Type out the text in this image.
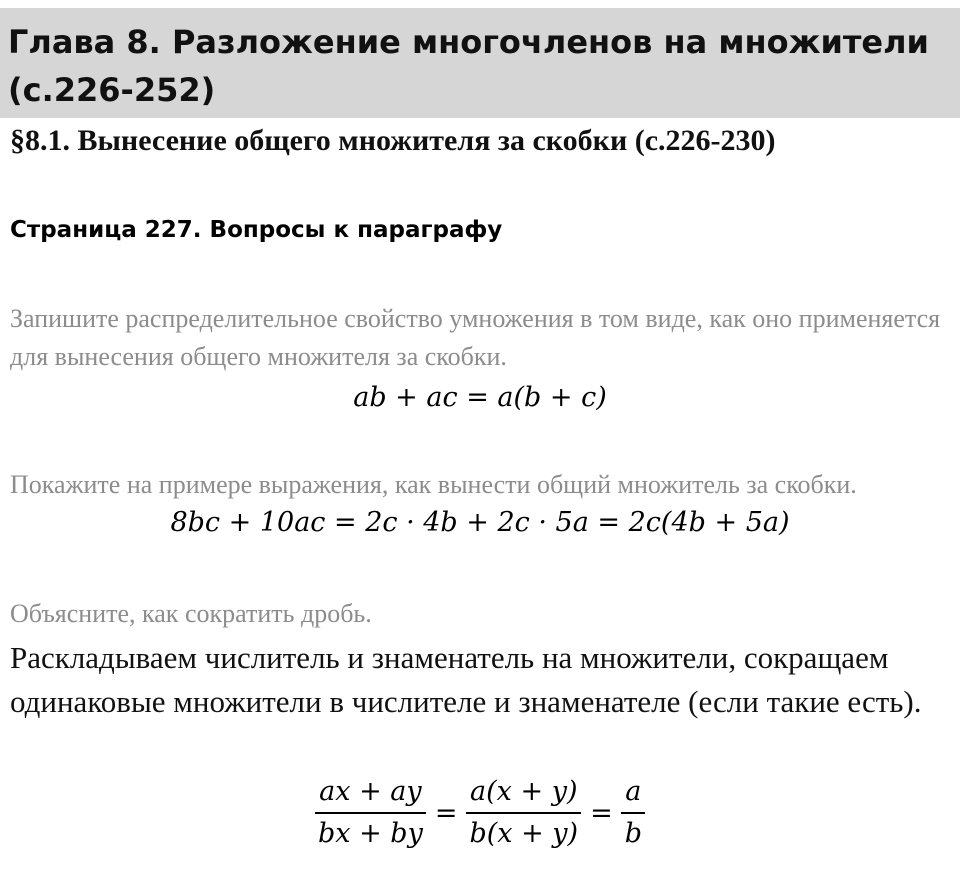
Глава 8. Разложение многочленов на множители (с.226-252)
§8.1. Вынесение общего множителя за скобки (с.226-230)
Страница 227. Вопросы к параграфу
Запишите распределительное свойство умножения в том виде, как оно применяется для вынесения общего множителя за скобки.
ab + ac = a(b + c)
Покажите на примере выражения, как вынести общий множитель за скобки.
8bc + 10ac = 2c · 4b + 2c · 5a = 2c(4b + 5a)
Объясните, как сократить дробь.
Раскладываем числитель и знаменатель на множители, сокращаем одинаковые множители в числителе и знаменателе (если такие есть).
$\frac{ax + ay}{bx + by} = \frac{a(x + y)}{b(x + y)} = \frac{a}{b}$
